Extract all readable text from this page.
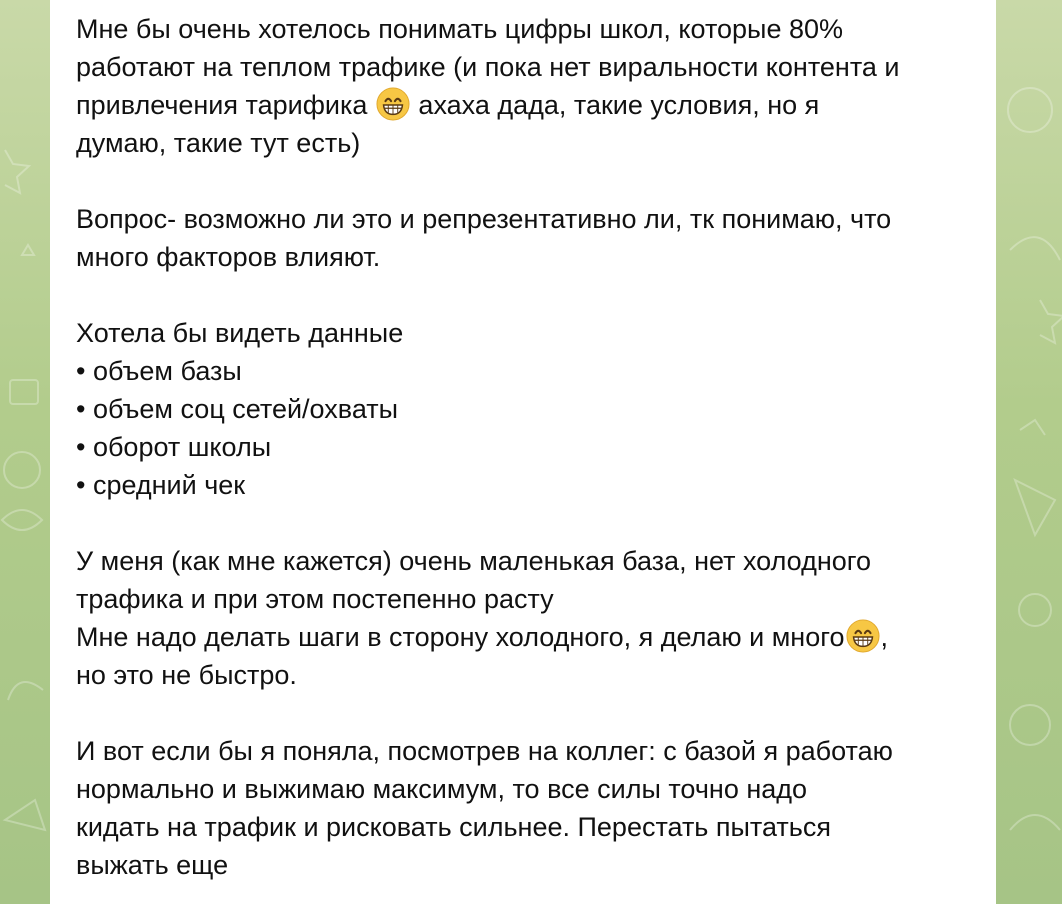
Мне бы очень хотелось понимать цифры школ, которые 80%
работают на теплом трафике (и пока нет виральности контента и
привлечения тарифика
ахаха дада, такие условия, но я
думаю, такие тут есть)
Вопрос- возможно ли это и репрезентативно ли, тк понимаю, что
много факторов влияют.
Хотела бы видеть данные
• объем базы
• объем соц сетей/охваты
• оборот школы
• средний чек
У меня (как мне кажется) очень маленькая база, нет холодного
трафика и при этом постепенно расту
Мне надо делать шаги в сторону холодного, я делаю и много ,
но это не быстро.
И вот если бы я поняла, посмотрев на коллег: с базой я работаю
нормально и выжимаю максимум, то все силы точно надо
кидать на трафик и рисковать сильнее. Перестать пытаться
выжать еще
